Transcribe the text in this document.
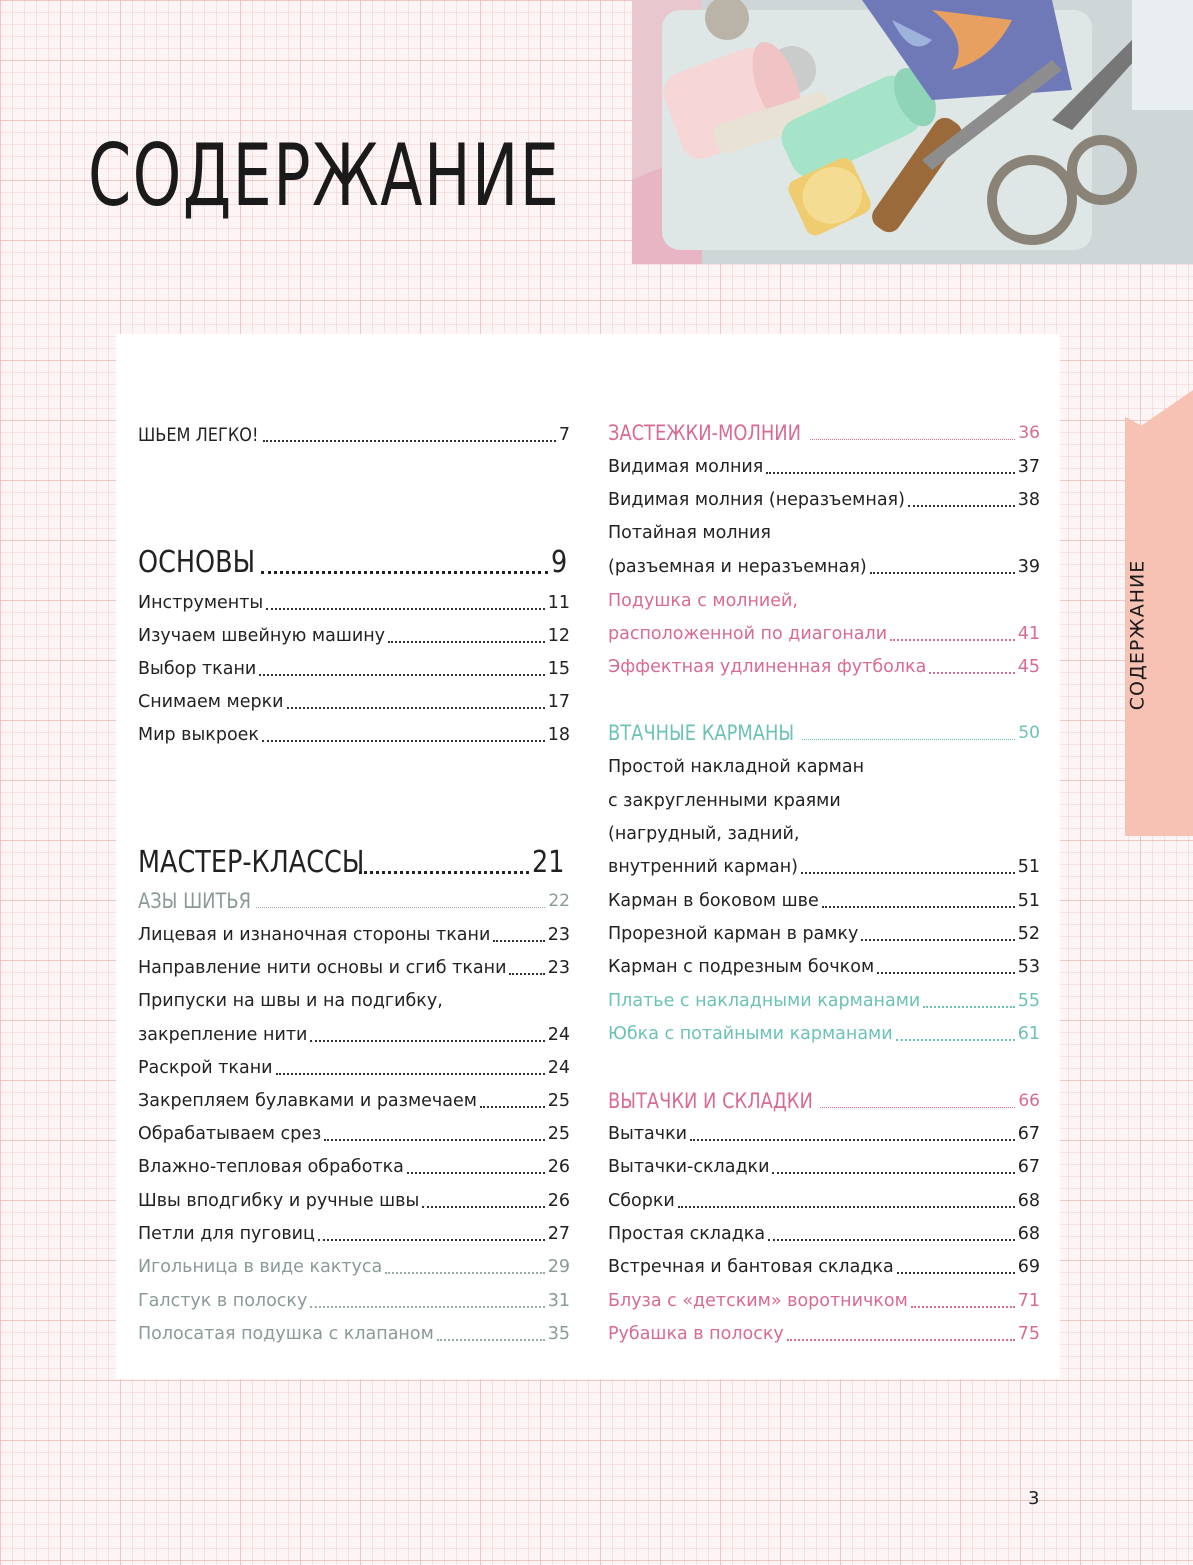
СОДЕРЖАНИЕ
ШЬЕМ ЛЕГКО!	7
ОСНОВЫ	9
Инструменты	11
Изучаем швейную машину	12
Выбор ткани	15
Снимаем мерки	17
Мир выкроек	18
МАСТЕР-КЛАССЫ	21
АЗЫ ШИТЬЯ	22
Лицевая и изнаночная стороны ткани	23
Направление нити основы и сгиб ткани 23
Припуски на швы и на подгибку,
закрепление нити	24
Раскрой ткани	24
Закрепляем булавками и размечаем	25
Обрабатываем срез	25
Влажно-тепловая обработка	26
Швы вподгибку и ручные швы	26
Петли для пуговиц	27
Игольница в виде кактуса	29
Галстук в полоску	31
Полосатая подушка с клапаном	35
ЗАСТЕЖКИ-МОЛНИИ	36
Видимая молния	37
Видимая молния (неразъемная)	38
Потайная молния
(разъемная и неразъемная)	39
Подушка с молнией,
расположенной по диагонали	41
Эффектная удлиненная футболка	45
ВТАЧНЫЕ КАРМАНЫ	50
Простой накладной карман
с закругленными краями
(нагрудный, задний,
внутренний карман)	51
Карман в боковом шве	51
Прорезной карман в рамку	52
Карман с подрезным бочком	53
Платье с накладными карманами	55
Юбка с потайными карманами	61
ВЫТАЧКИ И СКЛАДКИ	66
Вытачки	67
Вытачки-складки	67
Сборки	68
Простая складка	68
Встречная и бантовая складка	69
Блуза с «детским» воротничком	71
Рубашка в полоску	75
СОДЕРЖАНИЕ
3
